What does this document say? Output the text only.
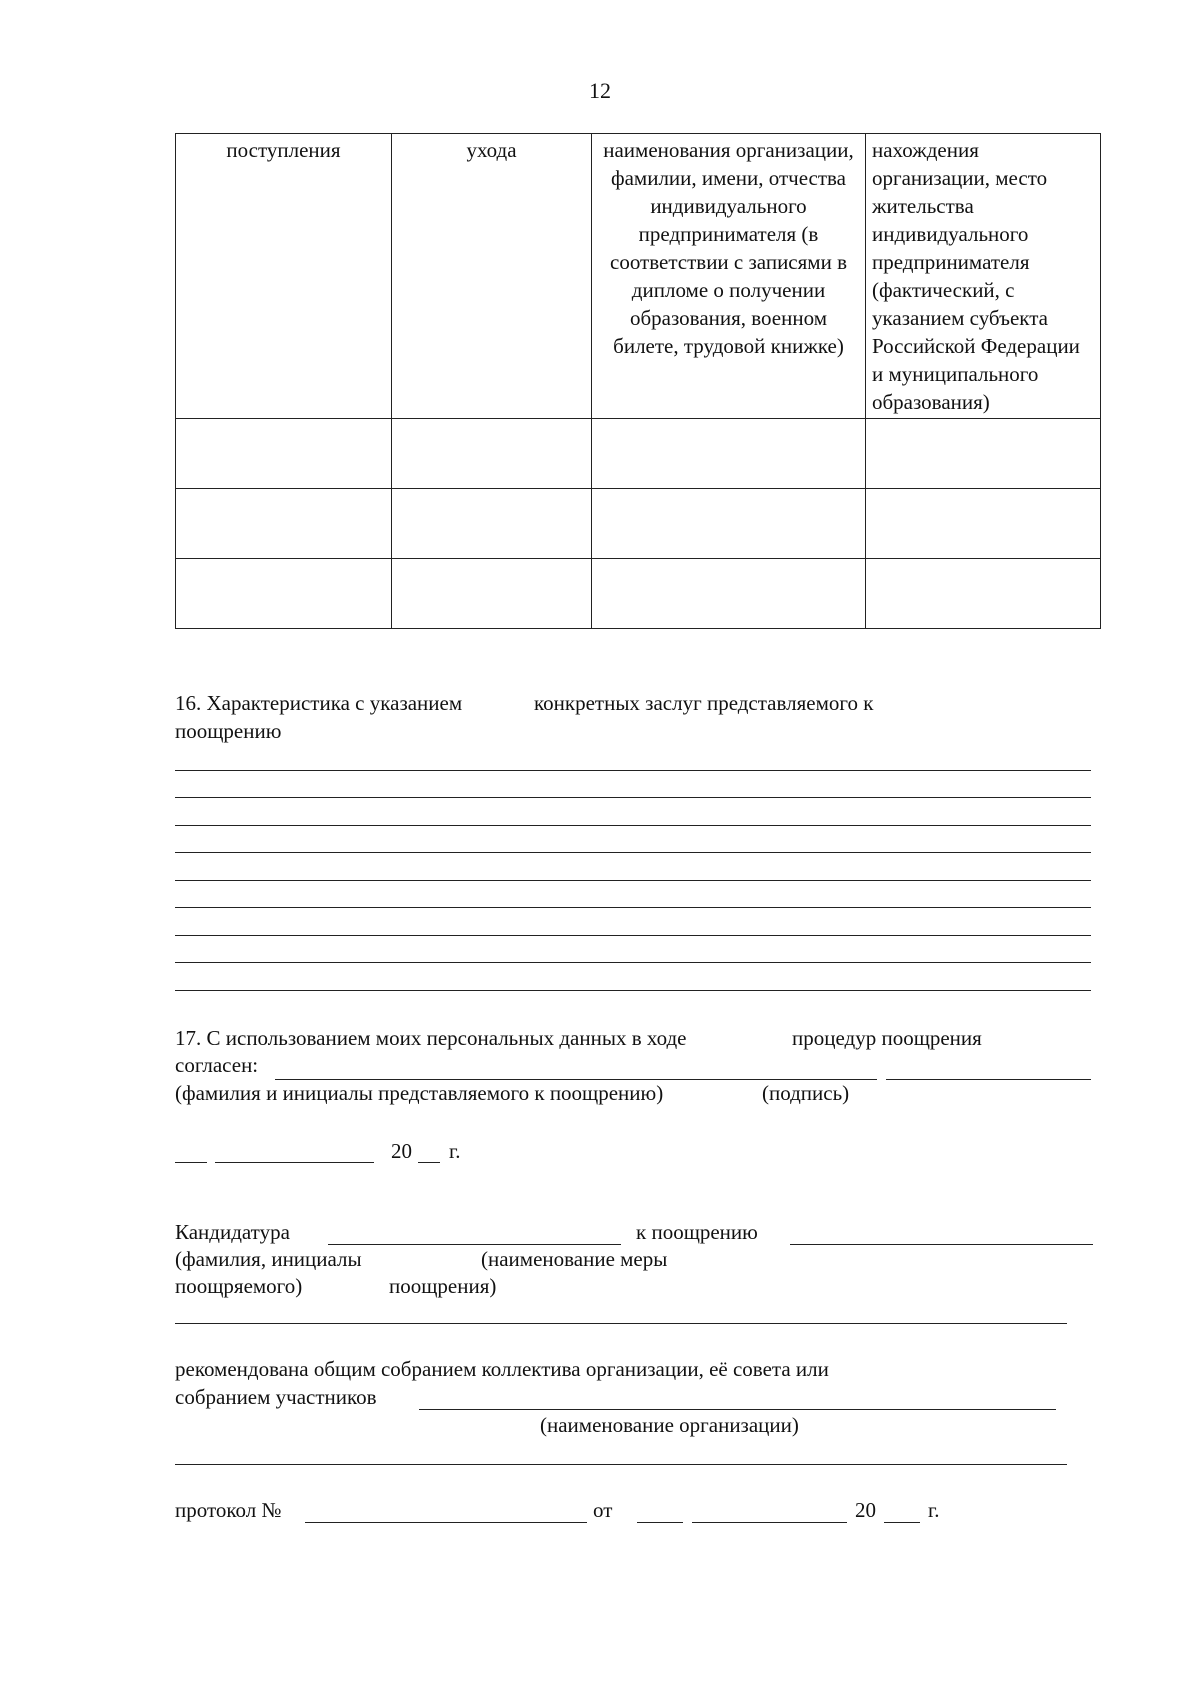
12
поступления	ухода	наименования организации, фамилии, имени, отчества индивидуального предпринимателя (в соответствии с записями в дипломе о получении образования, военном билете, трудовой книжке)	нахождения организации, место жительства индивидуального предпринимателя (фактический, с указанием субъекта Российской Федерации и муниципального образования)

16. Характеристика с указанием	конкретных заслуг представляемого к
поощрению
17. С использованием моих персональных данных в ходе	процедур поощрения
согласен:
(фамилия и инициалы представляемого к поощрению)	(подпись)
20 г.
Кандидатура	к поощрению
(фамилия, инициалы	(наименование меры
поощряемого)	поощрения)
рекомендована общим собранием коллектива организации, её совета или
собранием участников
(наименование организации)
протокол №	от	20 г.
